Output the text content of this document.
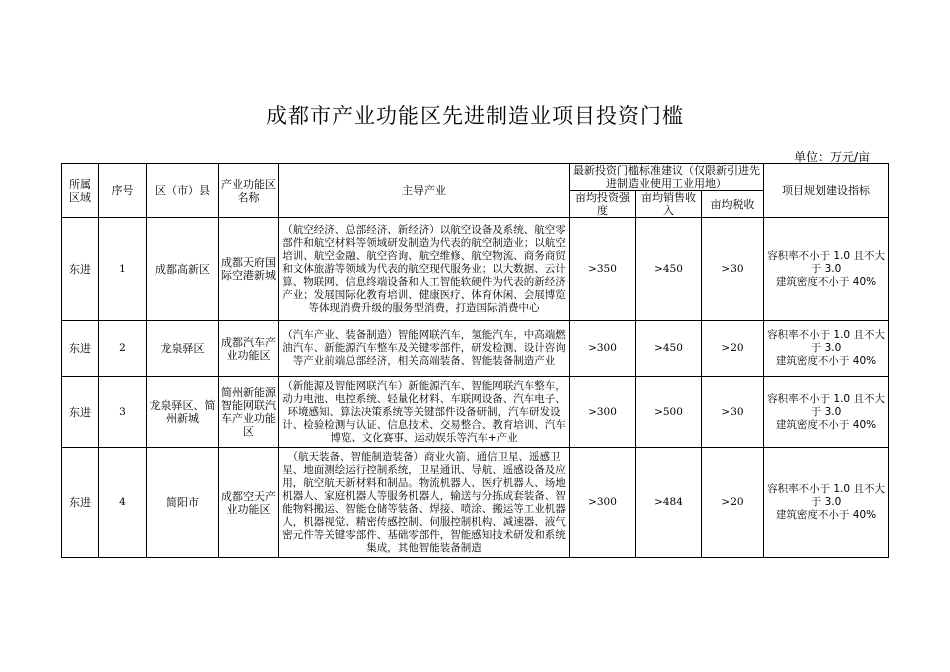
成都市产业功能区先进制造业项目投资门槛
单位：万元/亩
所属区域	序号	区（市）县	产业功能区名称	主导产业	最新投资门槛标准建议（仅限新引进先进制造业使用工业用地）			项目规划建设指标
					亩均投资强度	亩均销售收入	亩均税收	
东进	1	成都高新区	成都天府国际空港新城	（航空经济、总部经济、新经济）以航空设备及系统、航空零部件和航空材料等领域研发制造为代表的航空制造业；以航空培训、航空金融、航空咨询、航空维修、航空物流、商务商贸和文体旅游等领域为代表的航空现代服务业；以大数据、云计算、物联网、信息终端设备和人工智能软硬件为代表的新经济产业；发展国际化教育培训、健康医疗、体育休闲、会展博览等体现消费升级的服务型消费，打造国际消费中心	>350	>450	>30	容积率不小于 1.0 且不大于 3.0
建筑密度不小于 40%

东进	2	龙泉驿区	成都汽车产业功能区	（汽车产业、装备制造）智能网联汽车，氢能汽车，中高端燃油汽车、新能源汽车整车及关键零部件，研发检测、设计咨询等产业前端总部经济，相关高端装备、智能装备制造产业	>300	>450	>20	容积率不小于 1.0 且不大于 3.0
建筑密度不小于 40%

东进	3	龙泉驿区、简州新城	简州新能源智能网联汽车产业功能区	（新能源及智能网联汽车）新能源汽车、智能网联汽车整车，动力电池、电控系统、轻量化材料、车联网设备、汽车电子、环境感知、算法决策系统等关键部件设备研制，汽车研发设计、检验检测与认证、信息技术、交易整合、教育培训、汽车博览、文化赛事、运动娱乐等汽车+产业	>300	>500	>30	容积率不小于 1.0 且不大于 3.0
建筑密度不小于 40%

东进	4	简阳市	成都空天产业功能区	（航天装备、智能制造装备）商业火箭、通信卫星、遥感卫星、地面测绘运行控制系统，卫星通讯、导航、遥感设备及应用，航空航天新材料和制品。物流机器人、医疗机器人、场地机器人、家庭机器人等服务机器人，输送与分拣成套装备、智能物料搬运、智能仓储等装备、焊接、喷涂、搬运等工业机器人，机器视觉、精密传感控制、伺服控制机构、减速器、液气密元件等关键零部件、基础零部件，智能感知技术研发和系统集成，其他智能装备制造	>300	>484	>20	容积率不小于 1.0 且不大于 3.0
建筑密度不小于 40%
